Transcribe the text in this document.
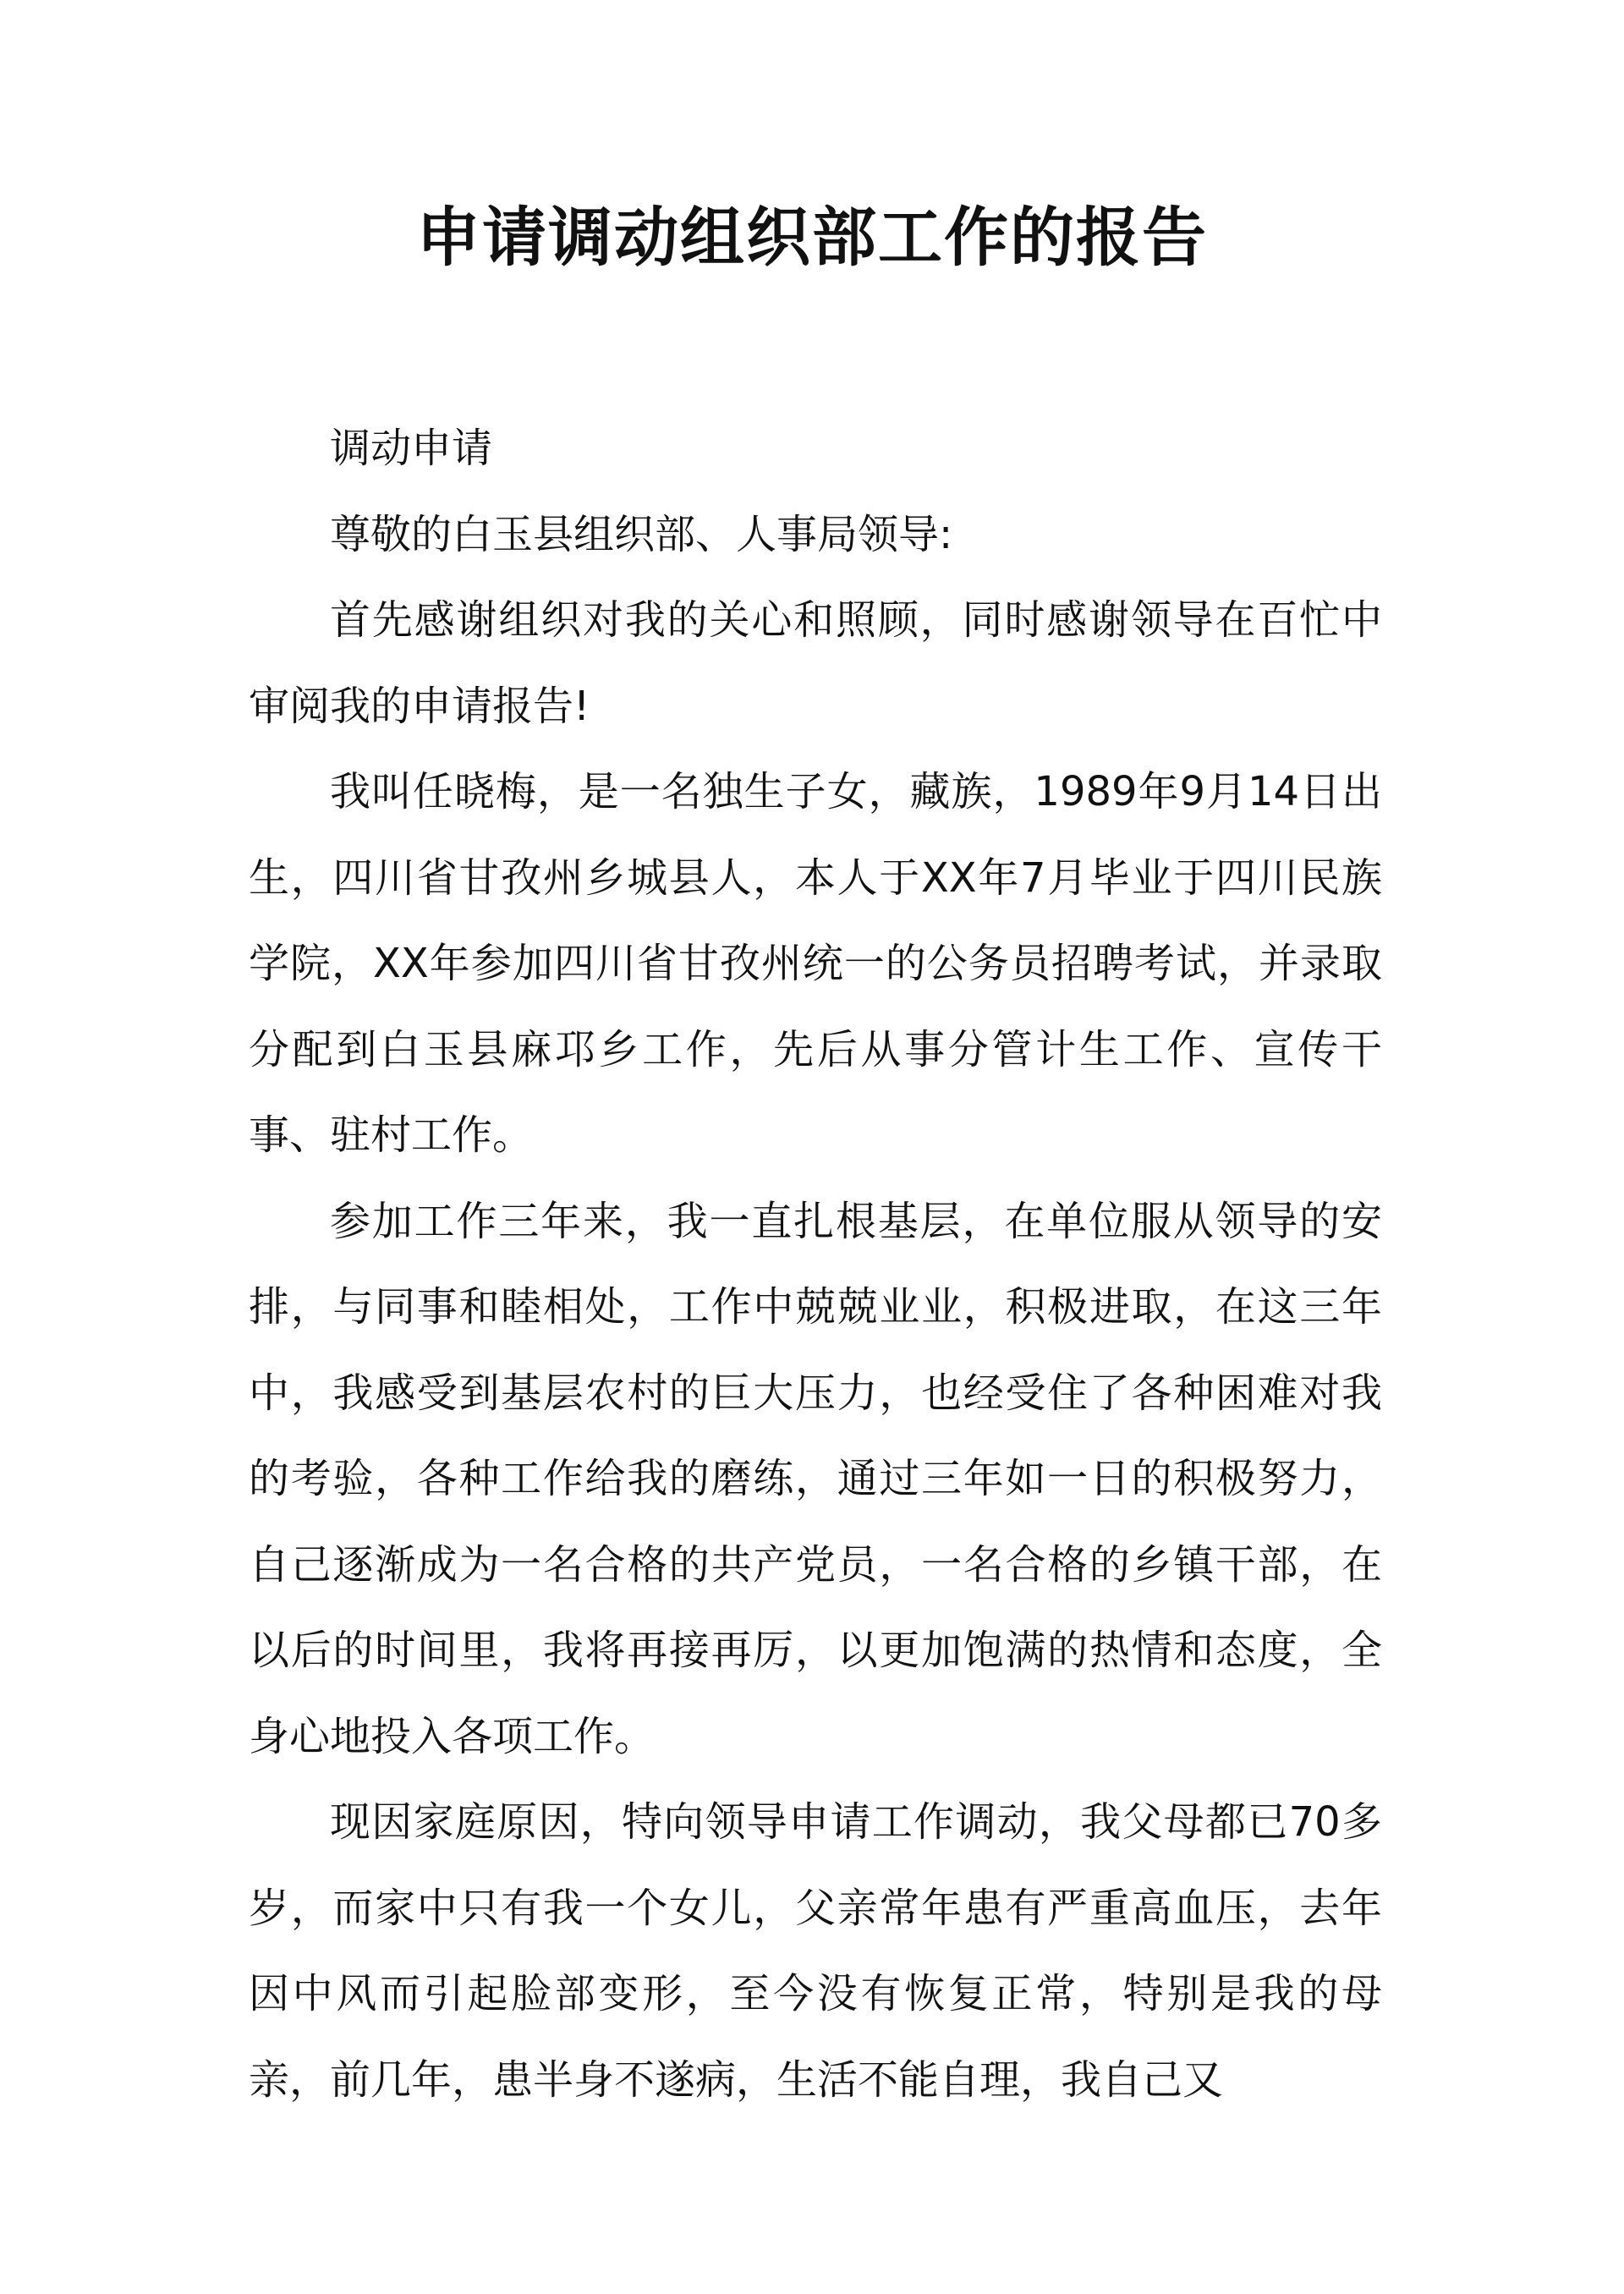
申请调动组织部工作的报告

调动申请

尊敬的白玉县组织部、人事局领导:

首先感谢组织对我的关心和照顾，同时感谢领导在百忙中审阅我的申请报告!

我叫任晓梅，是一名独生子女，藏族，1989年9月14日出生，四川省甘孜州乡城县人，本人于XX年7月毕业于四川民族学院，XX年参加四川省甘孜州统一的公务员招聘考试，并录取分配到白玉县麻邛乡工作，先后从事分管计生工作、宣传干事、驻村工作。

参加工作三年来，我一直扎根基层，在单位服从领导的安排，与同事和睦相处，工作中兢兢业业，积极进取，在这三年中，我感受到基层农村的巨大压力，也经受住了各种困难对我的考验，各种工作给我的磨练，通过三年如一日的积极努力，自己逐渐成为一名合格的共产党员，一名合格的乡镇干部，在以后的时间里，我将再接再厉，以更加饱满的热情和态度，全身心地投入各项工作。

现因家庭原因，特向领导申请工作调动，我父母都已70多岁，而家中只有我一个女儿，父亲常年患有严重高血压，去年因中风而引起脸部变形，至今没有恢复正常，特别是我的母亲，前几年，患半身不遂病，生活不能自理，我自己又
